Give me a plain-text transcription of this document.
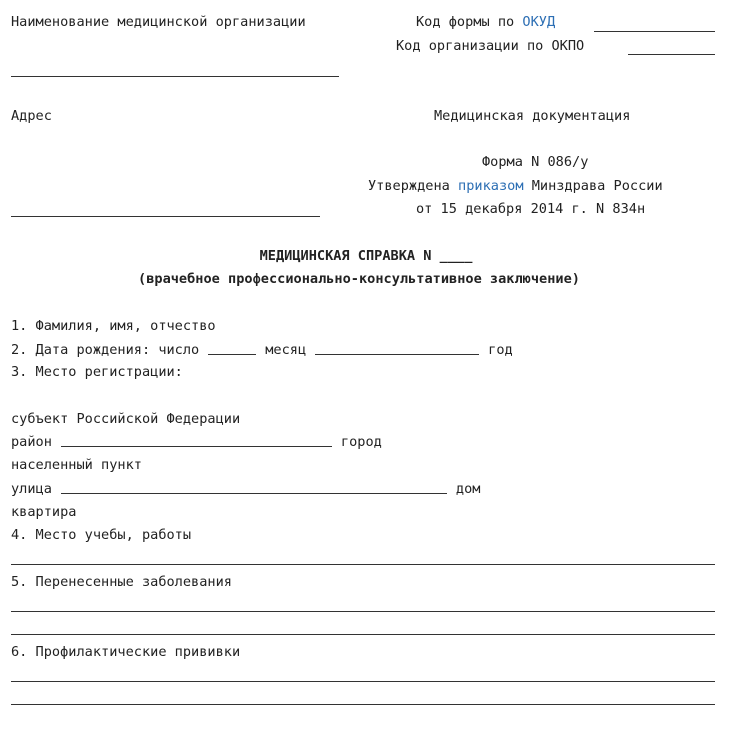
Наименование медицинской организации
Адрес
Код формы по ОКУД
Код организации по ОКПО
Медицинская документация
Форма N 086/у
Утверждена приказом Минздрава России
от 15 декабря 2014 г. N 834н
МЕДИЦИНСКАЯ СПРАВКА N ____
(врачебное профессионально-консультативное заключение)
1. Фамилия, имя, отчество
2. Дата рождения: число	месяц	год
3. Место регистрации:
субъект Российской Федерации
район	город
населенный пункт
улица	дом
квартира
4. Место учебы, работы
5. Перенесенные заболевания
6. Профилактические прививки
